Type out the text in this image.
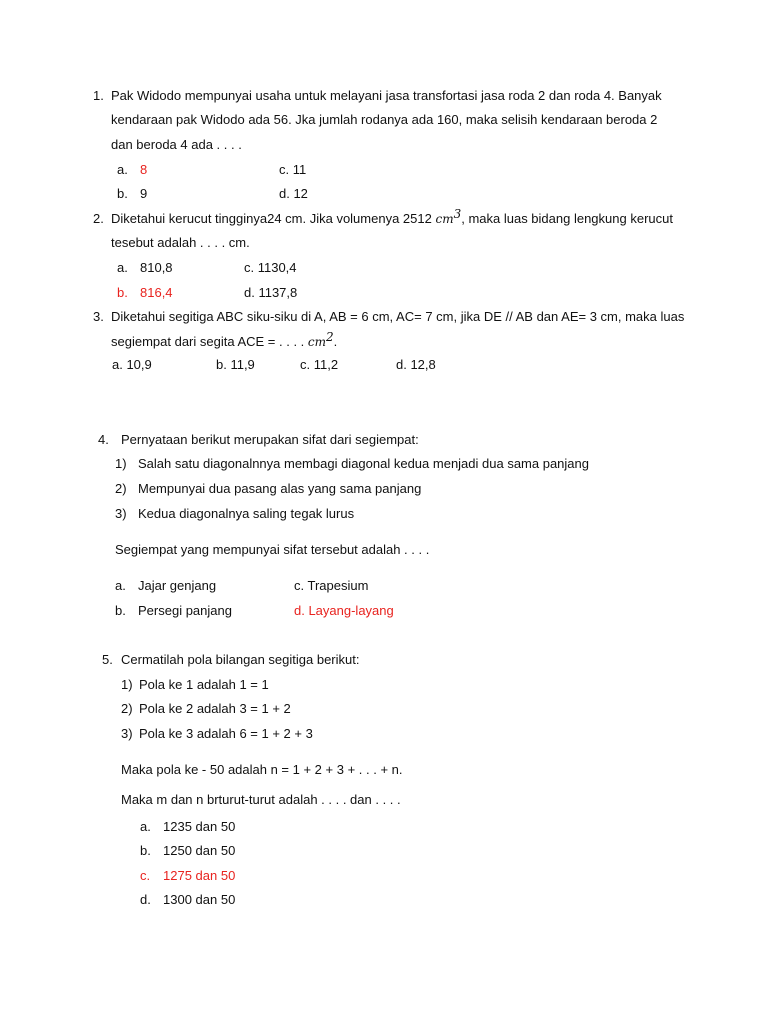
1. Pak Widodo mempunyai usaha untuk melayani jasa transfortasi jasa roda 2 dan roda 4. Banyak
kendaraan pak Widodo ada 56. Jka jumlah rodanya ada 160, maka selisih kendaraan beroda 2
dan beroda 4 ada . . . .
a. 8	c. 11
b. 9	d. 12
2. Diketahui kerucut tingginya24 cm. Jika volumenya 2512 $cm^3$, maka luas bidang lengkung kerucut
tesebut adalah . . . . cm.
a. 810,8	c. 1130,4
b. 816,4	d. 1137,8
3. Diketahui segitiga ABC siku-siku di A, AB = 6 cm, AC= 7 cm, jika DE // AB dan AE= 3 cm, maka luas
segiempat dari segita ACE = . . . . $cm^2$.
a. 10,9	b. 11,9	c. 11,2	d. 12,8
4. Pernyataan berikut merupakan sifat dari segiempat:
1) Salah satu diagonalnnya membagi diagonal kedua menjadi dua sama panjang
2) Mempunyai dua pasang alas yang sama panjang
3) Kedua diagonalnya saling tegak lurus
Segiempat yang mempunyai sifat tersebut adalah . . . .
a. Jajar genjang	c. Trapesium
b. Persegi panjang	d. Layang-layang
5. Cermatilah pola bilangan segitiga berikut:
1) Pola ke 1 adalah 1 = 1
2) Pola ke 2 adalah 3 = 1 + 2
3) Pola ke 3 adalah 6 = 1 + 2 + 3
Maka pola ke - 50 adalah n = 1 + 2 + 3 + . . . + n.
Maka m dan n brturut-turut adalah . . . . dan . . . .
a. 1235 dan 50
b. 1250 dan 50
c. 1275 dan 50
d. 1300 dan 50
